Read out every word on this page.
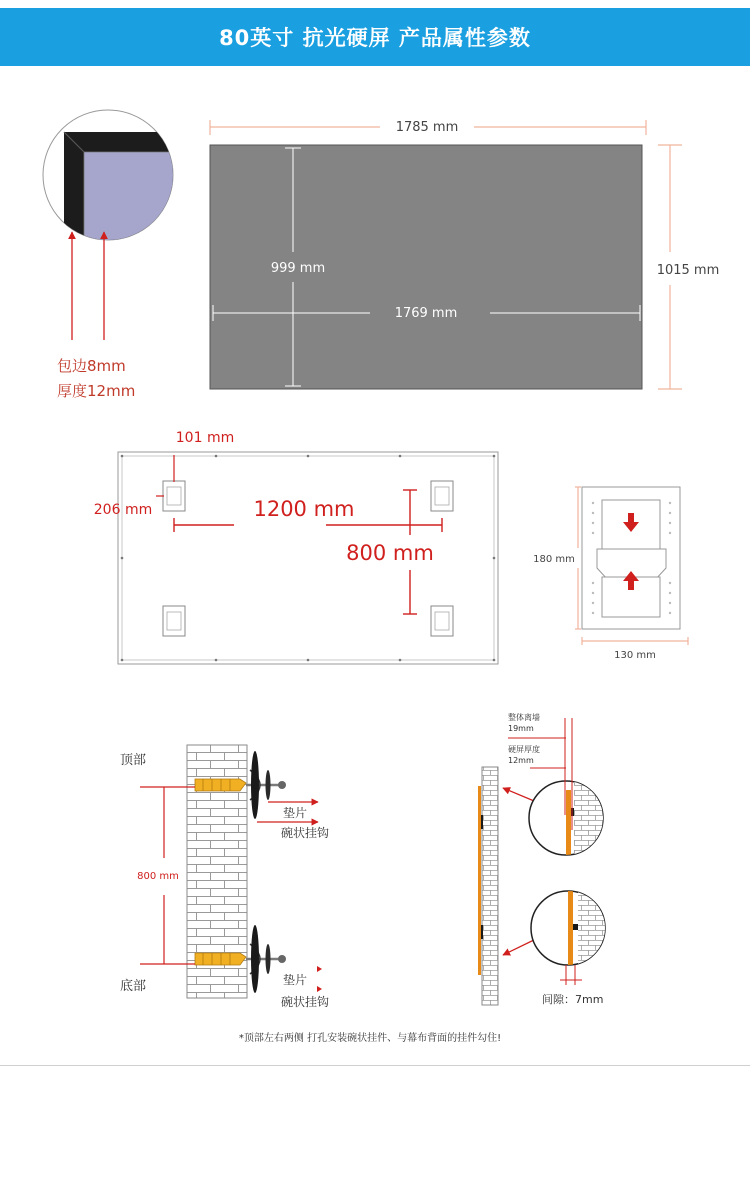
80英寸 抗光硬屏 产品属性参数
包边8mm
厚度12mm
1785 mm
999 mm
1769 mm
1015 mm
101 mm
206 mm	1200 mm
800 mm	180 mm
130 mm
顶部
底部
800 mm
垫片
碗状挂钩
垫片
碗状挂钩
整体离墙
19mm
硬屏厚度
12mm
间隙：7mm
*顶部左右两侧 打孔安装碗状挂件、与幕布背面的挂件勾住!
